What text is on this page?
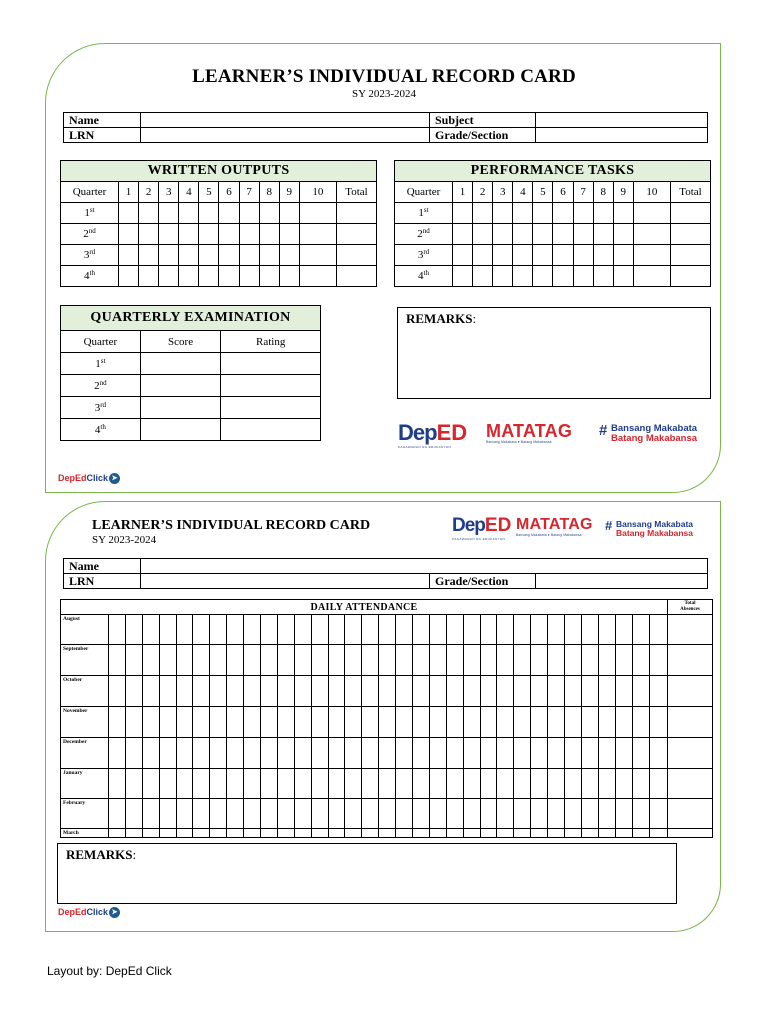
LEARNER’S INDIVIDUAL RECORD CARD
SY 2023-2024
Name		Subject	
LRN		Grade/Section	
WRITTEN OUTPUTS											
Quarter	1	2	3	4	5	6	7	8	9	10	Total
1st											
2nd											
3rd											
4th											
PERFORMANCE TASKS											
Quarter	1	2	3	4	5	6	7	8	9	10	Total
1st											
2nd											
3rd											
4th											
QUARTERLY EXAMINATION		
Quarter	Score	Rating
1st		
2nd		
3rd		
4th		
REMARKS:
DepED
KAGAWARAN NG EDUKASYON
MATATAG
Bansang Makabata ♥ Batang Makabansa
# Bansang Makabata
Batang Makabansa
DepEdClick ➤
LEARNER’S INDIVIDUAL RECORD CARD
SY 2023-2024
DepED
KAGAWARAN NG EDUKASYON
MATATAG
Bansang Makabata ♥ Batang Makabansa
# Bansang Makabata
Batang Makabansa
Name			
LRN		Grade/Section	
DAILY ATTENDANCE																																		Total
Absences
August																																		
September																																		
October																																		
November																																		
December																																		
January																																		
February																																		
March																																		
REMARKS:
DepEdClick ➤
Layout by: DepEd Click
